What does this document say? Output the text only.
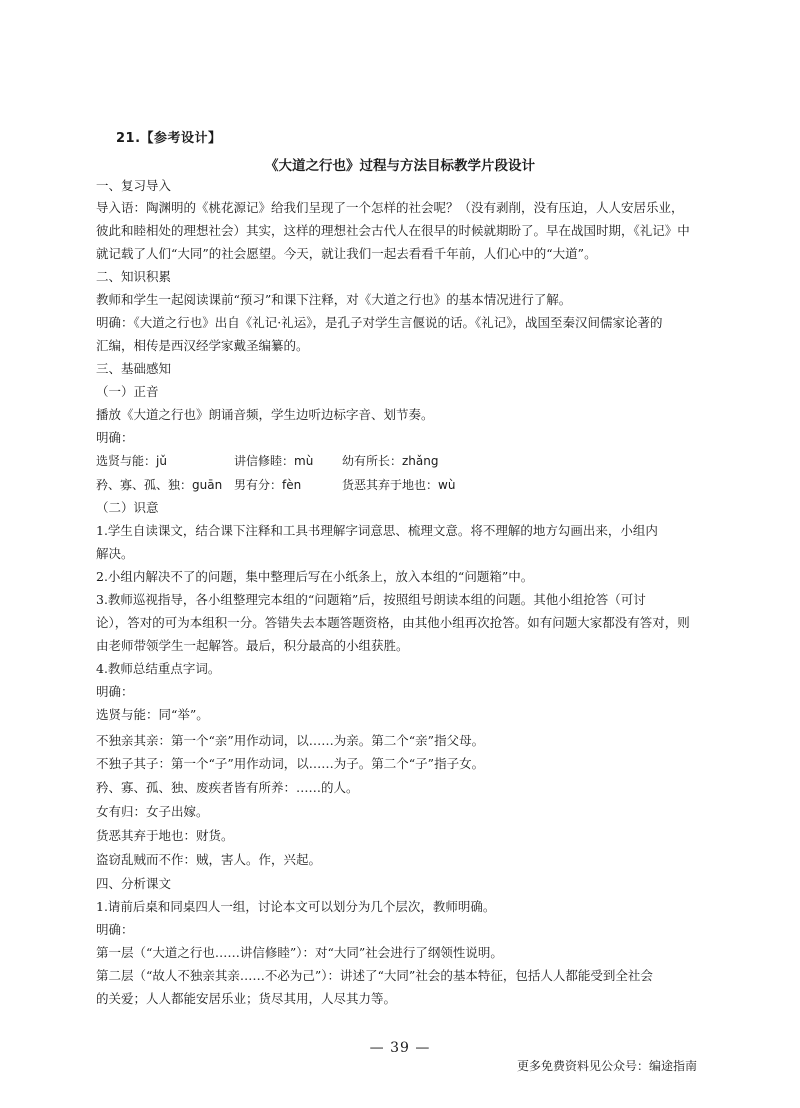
21.【参考设计】
《大道之行也》过程与方法目标教学片段设计
一、复习导入
导入语：陶渊明的《桃花源记》给我们呈现了一个怎样的社会呢？（没有剥削，没有压迫，人人安居乐业，
彼此和睦相处的理想社会）其实，这样的理想社会古代人在很早的时候就期盼了。早在战国时期，《礼记》中
就记载了人们“大同”的社会愿望。今天，就让我们一起去看看千年前，人们心中的“大道”。
二、知识积累
教师和学生一起阅读课前“预习”和课下注释，对《大道之行也》的基本情况进行了解。
明确：《大道之行也》出自《礼记·礼运》，是孔子对学生言偃说的话。《礼记》，战国至秦汉间儒家论著的
汇编，相传是西汉经学家戴圣编纂的。
三、基础感知
（一）正音
播放《大道之行也》朗诵音频，学生边听边标字音、划节奏。
明确：
选贤与能：jǔ	讲信修睦：mù 幼有所长：zhǎng
矜、寡、孤、独：guān 男有分：fèn	货恶其弃于地也：wù
（二）识意
1.学生自读课文，结合课下注释和工具书理解字词意思、梳理文意。将不理解的地方勾画出来，小组内
解决。
2.小组内解决不了的问题，集中整理后写在小纸条上，放入本组的“问题箱”中。
3.教师巡视指导，各小组整理完本组的“问题箱”后，按照组号朗读本组的问题。其他小组抢答（可讨
论），答对的可为本组积一分。答错失去本题答题资格，由其他小组再次抢答。如有问题大家都没有答对，则
由老师带领学生一起解答。最后，积分最高的小组获胜。
4.教师总结重点字词。
明确：
选贤与能：同“举”。
不独亲其亲：第一个“亲”用作动词，以……为亲。第二个“亲”指父母。
不独子其子：第一个“子”用作动词，以……为子。第二个“子”指子女。
矜、寡、孤、独、废疾者皆有所养：……的人。
女有归：女子出嫁。
货恶其弃于地也：财货。
盗窃乱贼而不作：贼，害人。作，兴起。
四、分析课文
1.请前后桌和同桌四人一组，讨论本文可以划分为几个层次，教师明确。
明确：
第一层（“大道之行也……讲信修睦”）：对“大同”社会进行了纲领性说明。
第二层（“故人不独亲其亲……不必为己”）：讲述了“大同”社会的基本特征，包括人人都能受到全社会
的关爱；人人都能安居乐业；货尽其用，人尽其力等。
— 39 —
更多免费资料见公众号：编途指南
